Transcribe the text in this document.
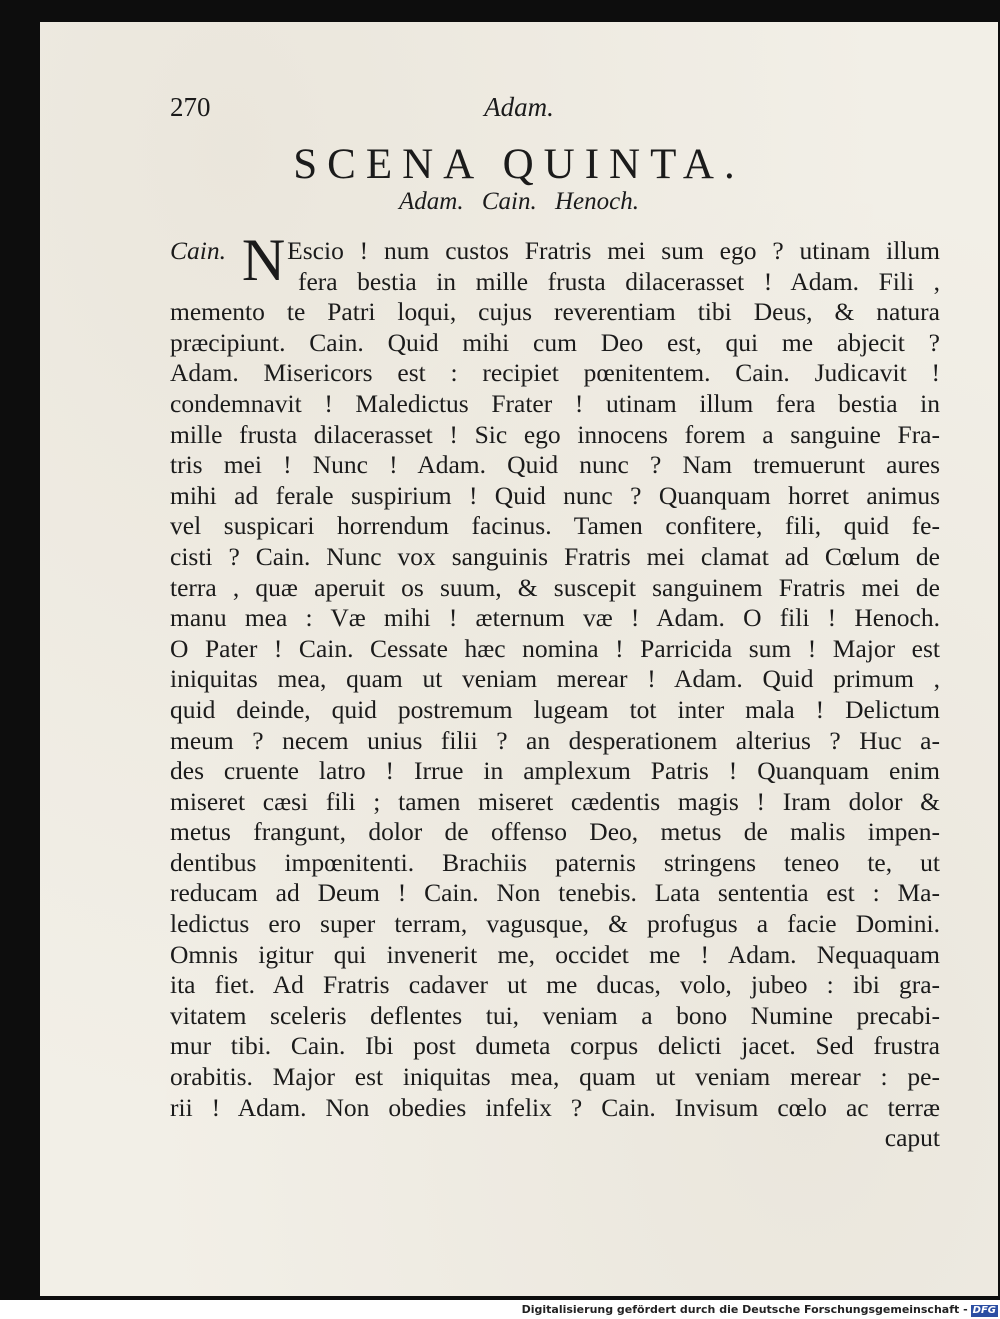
270	Adam.
SCENA QUINTA.
Adam. Cain. Henoch.
Cain. NEscio ! num custos Fratris mei sum ego ? utinam illum
fera bestia in mille frusta dilacerasset ! Adam. Fili ,
memento te Patri loqui, cujus reverentiam tibi Deus, & natura
præcipiunt. Cain. Quid mihi cum Deo est, qui me abjecit ?
Adam. Misericors est : recipiet pœnitentem. Cain. Judicavit !
condemnavit ! Maledictus Frater ! utinam illum fera bestia in
mille frusta dilacerasset ! Sic ego innocens forem a sanguine Fra-
tris mei ! Nunc ! Adam. Quid nunc ? Nam tremuerunt aures
mihi ad ferale suspirium ! Quid nunc ? Quanquam horret animus
vel suspicari horrendum facinus. Tamen confitere, fili, quid fe-
cisti ? Cain. Nunc vox sanguinis Fratris mei clamat ad Cœlum de
terra , quæ aperuit os suum, & suscepit sanguinem Fratris mei de
manu mea : Væ mihi ! æternum væ ! Adam. O fili ! Henoch.
O Pater ! Cain. Cessate hæc nomina ! Parricida sum ! Major est
iniquitas mea, quam ut veniam merear ! Adam. Quid primum ,
quid deinde, quid postremum lugeam tot inter mala ! Delictum
meum ? necem unius filii ? an desperationem alterius ? Huc a-
des cruente latro ! Irrue in amplexum Patris ! Quanquam enim
miseret cæsi fili ; tamen miseret cædentis magis ! Iram dolor &
metus frangunt, dolor de offenso Deo, metus de malis impen-
dentibus impœnitenti. Brachiis paternis stringens teneo te, ut
reducam ad Deum ! Cain. Non tenebis. Lata sententia est : Ma-
ledictus ero super terram, vagusque, & profugus a facie Domini.
Omnis igitur qui invenerit me, occidet me ! Adam. Nequaquam
ita fiet. Ad Fratris cadaver ut me ducas, volo, jubeo : ibi gra-
vitatem sceleris deflentes tui, veniam a bono Numine precabi-
mur tibi. Cain. Ibi post dumeta corpus delicti jacet. Sed frustra
orabitis. Major est iniquitas mea, quam ut veniam merear : pe-
rii ! Adam. Non obedies infelix ? Cain. Invisum cœlo ac terræ
caput
Digitalisierung gefördert durch die Deutsche Forschungsgemeinschaft - DFG
